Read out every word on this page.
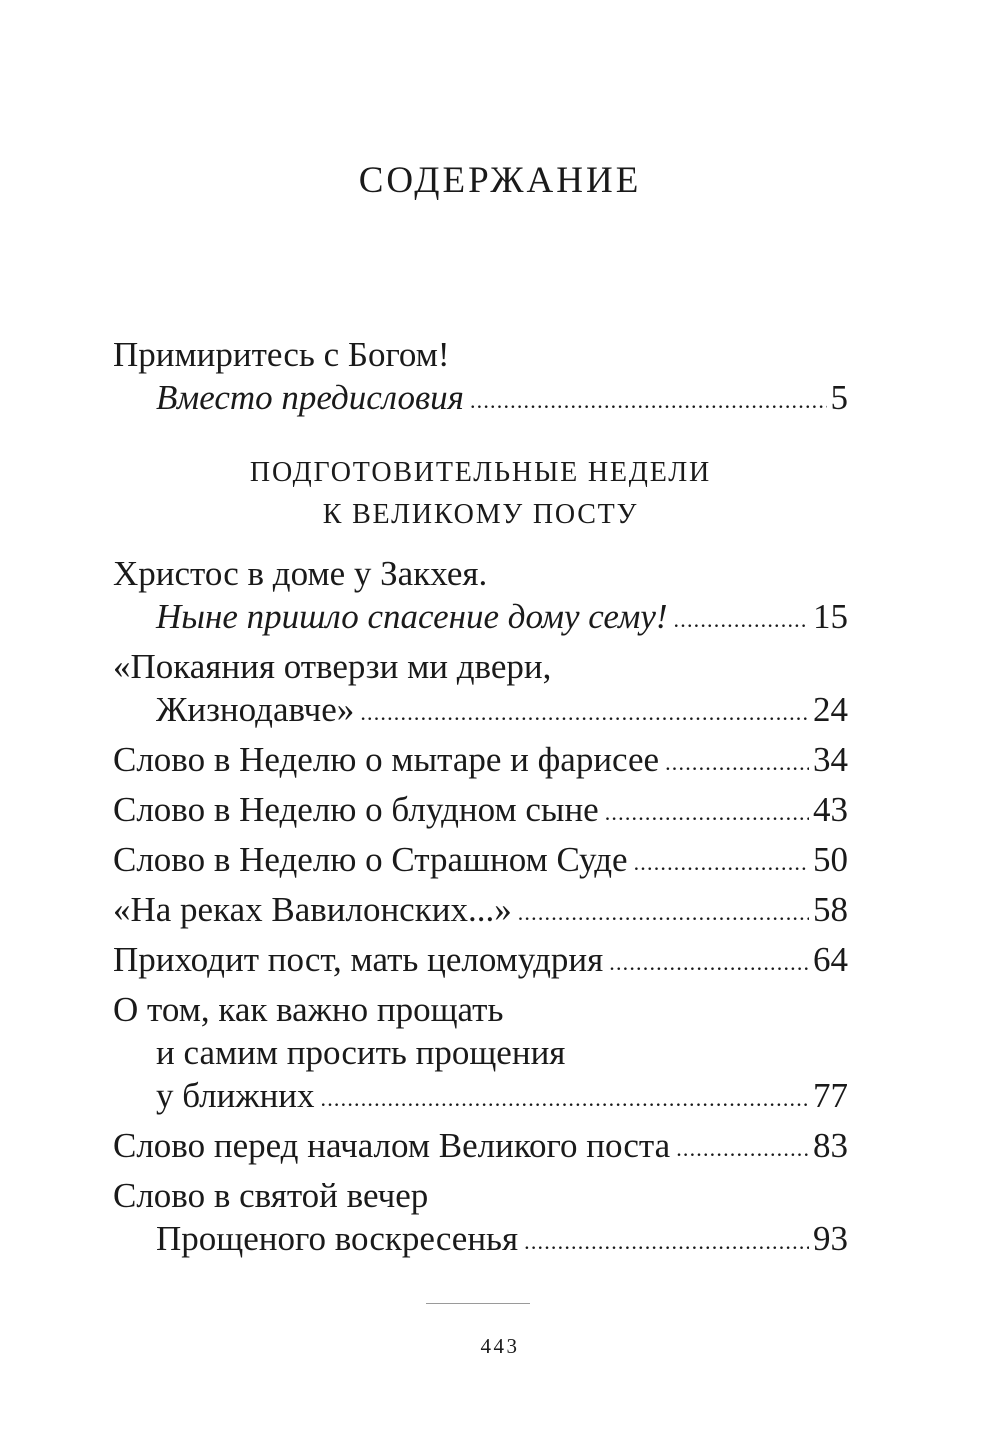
СОДЕРЖАНИЕ
Примиритесь с Богом!
Вместо предисловия .....	5
ПОДГОТОВИТЕЛЬНЫЕ НЕДЕЛИ
К ВЕЛИКОМУ ПОСТУ
Христос в доме у Закхея.
Ныне пришло спасение дому сему! .....	15
«Покаяния отверзи ми двери,
Жизнодавче» .....	24
Слово в Неделю о мытаре и фарисее .....	34
Слово в Неделю о блудном сыне .....	43
Слово в Неделю о Страшном Суде .....	50
«На реках Вавилонских...» .....	58
Приходит пост, мать целомудрия .....	64
О том, как важно прощать
и самим просить прощения
у ближних .....	77
Слово перед началом Великого поста .....	83
Слово в святой вечер
Прощеного воскресенья .....	93
443
